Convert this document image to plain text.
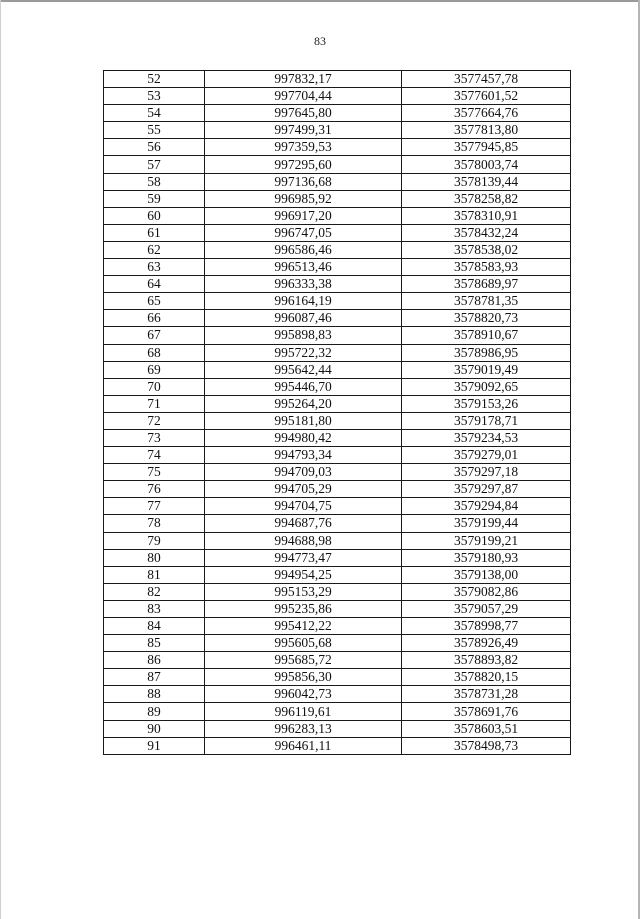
83
52	997832,17	3577457,78
53	997704,44	3577601,52
54	997645,80	3577664,76
55	997499,31	3577813,80
56	997359,53	3577945,85
57	997295,60	3578003,74
58	997136,68	3578139,44
59	996985,92	3578258,82
60	996917,20	3578310,91
61	996747,05	3578432,24
62	996586,46	3578538,02
63	996513,46	3578583,93
64	996333,38	3578689,97
65	996164,19	3578781,35
66	996087,46	3578820,73
67	995898,83	3578910,67
68	995722,32	3578986,95
69	995642,44	3579019,49
70	995446,70	3579092,65
71	995264,20	3579153,26
72	995181,80	3579178,71
73	994980,42	3579234,53
74	994793,34	3579279,01
75	994709,03	3579297,18
76	994705,29	3579297,87
77	994704,75	3579294,84
78	994687,76	3579199,44
79	994688,98	3579199,21
80	994773,47	3579180,93
81	994954,25	3579138,00
82	995153,29	3579082,86
83	995235,86	3579057,29
84	995412,22	3578998,77
85	995605,68	3578926,49
86	995685,72	3578893,82
87	995856,30	3578820,15
88	996042,73	3578731,28
89	996119,61	3578691,76
90	996283,13	3578603,51
91	996461,11	3578498,73
